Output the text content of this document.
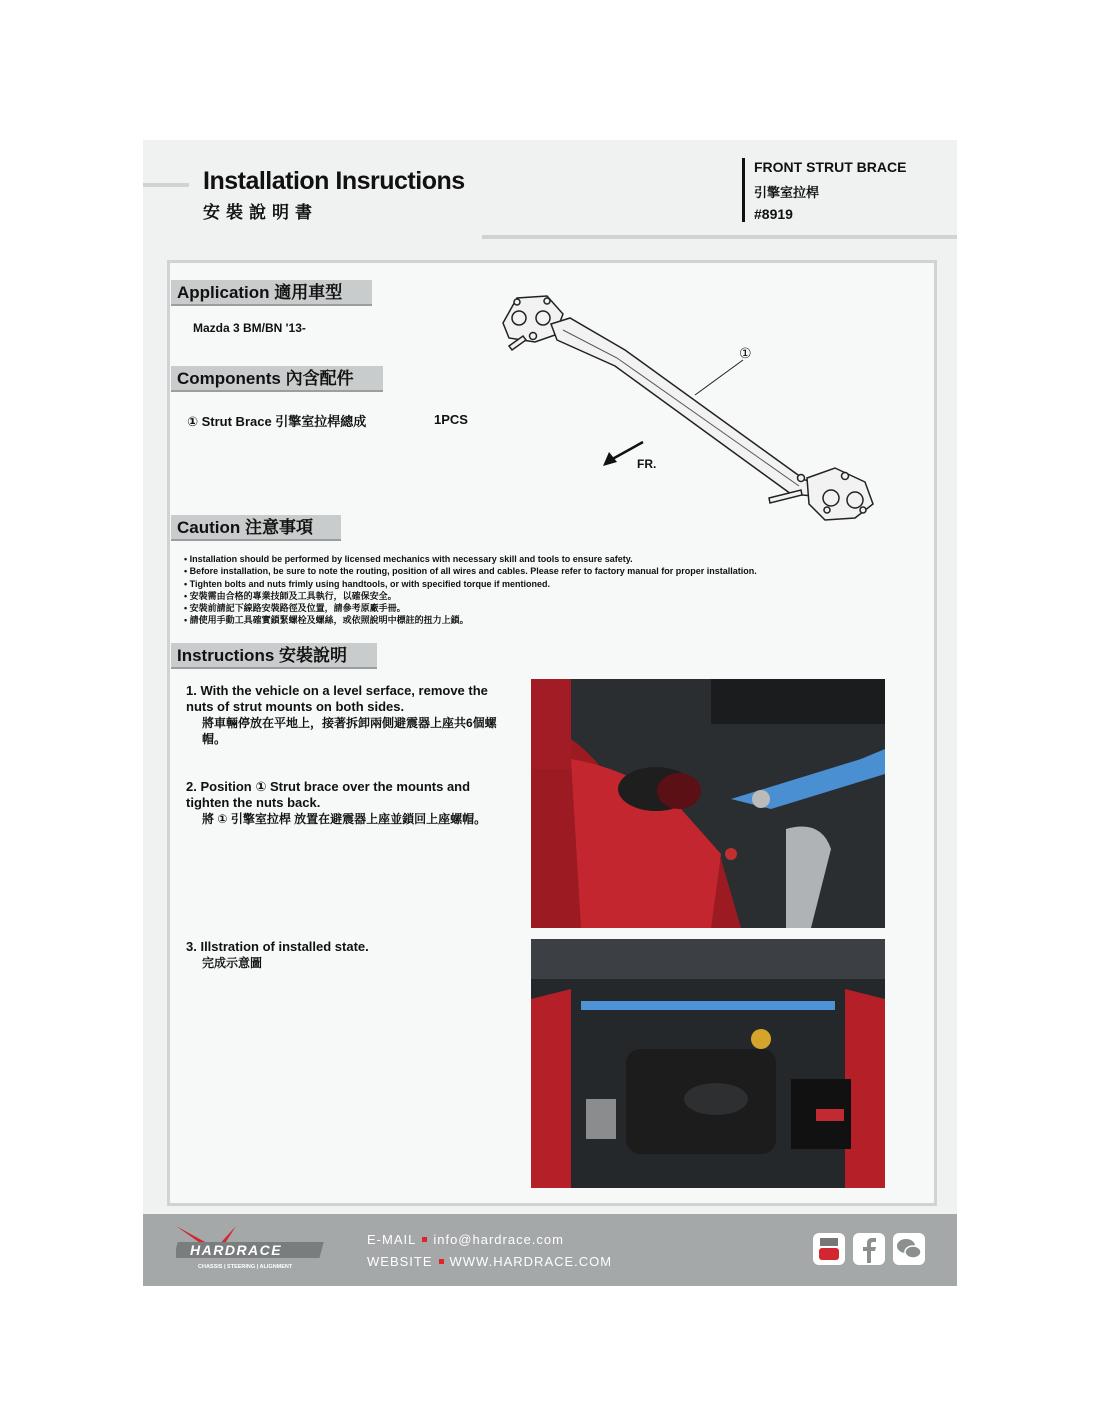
Installation Insructions
安裝說明書
FRONT STRUT BRACE
引擎室拉桿
#8919
Application 適用車型
Mazda 3 BM/BN '13-
Components 內含配件
① Strut Brace 引擎室拉桿總成	1PCS
①
FR.
Caution 注意事項
• Installation should be performed by licensed mechanics with necessary skill and tools to ensure safety.
• Before installation, be sure to note the routing, position of all wires and cables. Please refer to factory manual for proper installation.
• Tighten bolts and nuts frimly using handtools, or with specified torque if mentioned.
• 安裝需由合格的專業技師及工具執行，以確保安全。
• 安裝前請記下線路安裝路徑及位置，請參考原廠手冊。
• 請使用手動工具確實鎖緊螺栓及螺絲，或依照說明中標註的扭力上鎖。
Instructions 安裝說明
1. With the vehicle on a level serface, remove the nuts of strut mounts on both sides.
將車輛停放在平地上，接著拆卸兩側避震器上座共6個螺帽。
2. Position ① Strut brace over the mounts and tighten the nuts back.
將 ① 引擎室拉桿 放置在避震器上座並鎖回上座螺帽。
3. Illstration of installed state.
完成示意圖
HARDRACE
CHASSIS | STEERING | ALIGNMENT
E-MAIL info@hardrace.com
WEBSITE WWW.HARDRACE.COM
